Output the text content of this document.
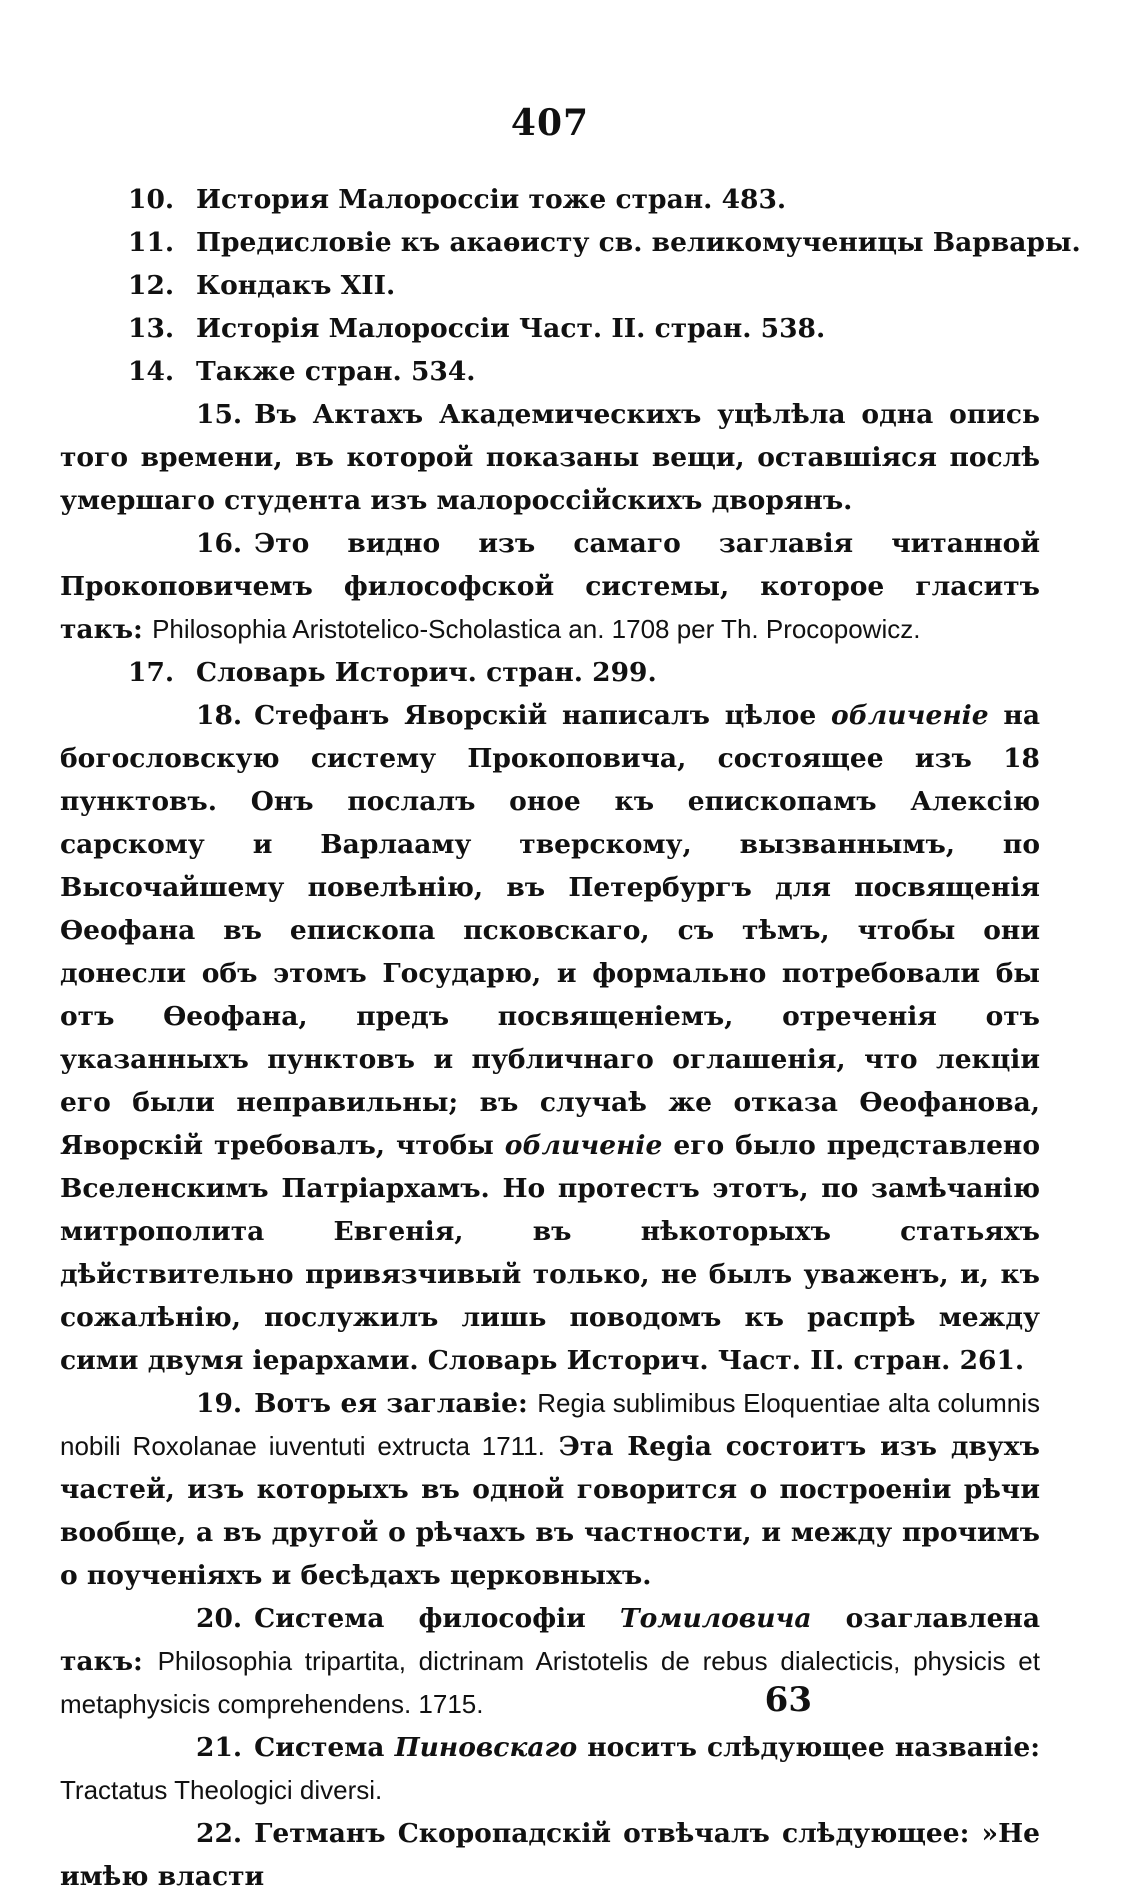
407

10. История Малороссіи тоже стран. 483.

11. Предисловіе къ акаѳисту св. великомученицы Варвары.

12. Кондакъ XII.

13. Исторія Малороссіи Част. II. стран. 538.

14. Также стран. 534.

15. Въ Актахъ Академическихъ уцѣлѣла одна опись того времени, въ которой показаны вещи, оставшіяся послѣ умершаго студента изъ малороссійскихъ дворянъ.

16. Это видно изъ самаго заглавія читанной Прокоповичемъ философской системы, которое гласитъ такъ: Philosophia Aristotelico-Scholastica an. 1708 per Th. Procopowicz.

17. Словарь Историч. стран. 299.

18. Стефанъ Яворскій написалъ цѣлое обличеніе на богословскую систему Прокоповича, состоящее изъ 18 пунктовъ. Онъ послалъ оное къ епископамъ Алексію сарскому и Варлааму тверскому, вызваннымъ, по Высочайшему повелѣнію, въ Петербургъ для посвященія Ѳеофана въ епископа псковскаго, съ тѣмъ, чтобы они донесли объ этомъ Государю, и формально потребовали бы отъ Ѳеофана, предъ посвященіемъ, отреченія отъ указанныхъ пунктовъ и публичнаго оглашенія, что лекціи его были неправильны; въ случаѣ же отказа Ѳеофанова, Яворскій требовалъ, чтобы обличеніе его было представлено Вселенскимъ Патріархамъ. Но протестъ этотъ, по замѣчанію митрополита Евгенія, въ нѣкоторыхъ статьяхъ дѣйствительно привязчивый только, не былъ уваженъ, и, къ сожалѣнію, послужилъ лишь поводомъ къ распрѣ между сими двумя іерархами. Словарь Историч. Част. II. стран. 261.

19. Вотъ ея заглавіе: Regia sublimibus Eloquentiae alta columnis nobili Roxolanae iuventuti extructa 1711. Эта Regia состоитъ изъ двухъ частей, изъ которыхъ въ одной говорится о построеніи рѣчи вообще, а въ другой о рѣчахъ въ частности, и между прочимъ о поученіяхъ и бесѣдахъ церковныхъ.

20. Система философіи Томиловича озаглавлена такъ: Philosophia tripartita, dictrinam Aristotelis de rebus dialecticis, physicis et metaphysicis comprehendens. 1715.

21. Система Пиновскаго носитъ слѣдующее названіе: Tractatus Theologici diversi.

22. Гетманъ Скоропадскій отвѣчалъ слѣдующее: »Не имѣю власти

63
